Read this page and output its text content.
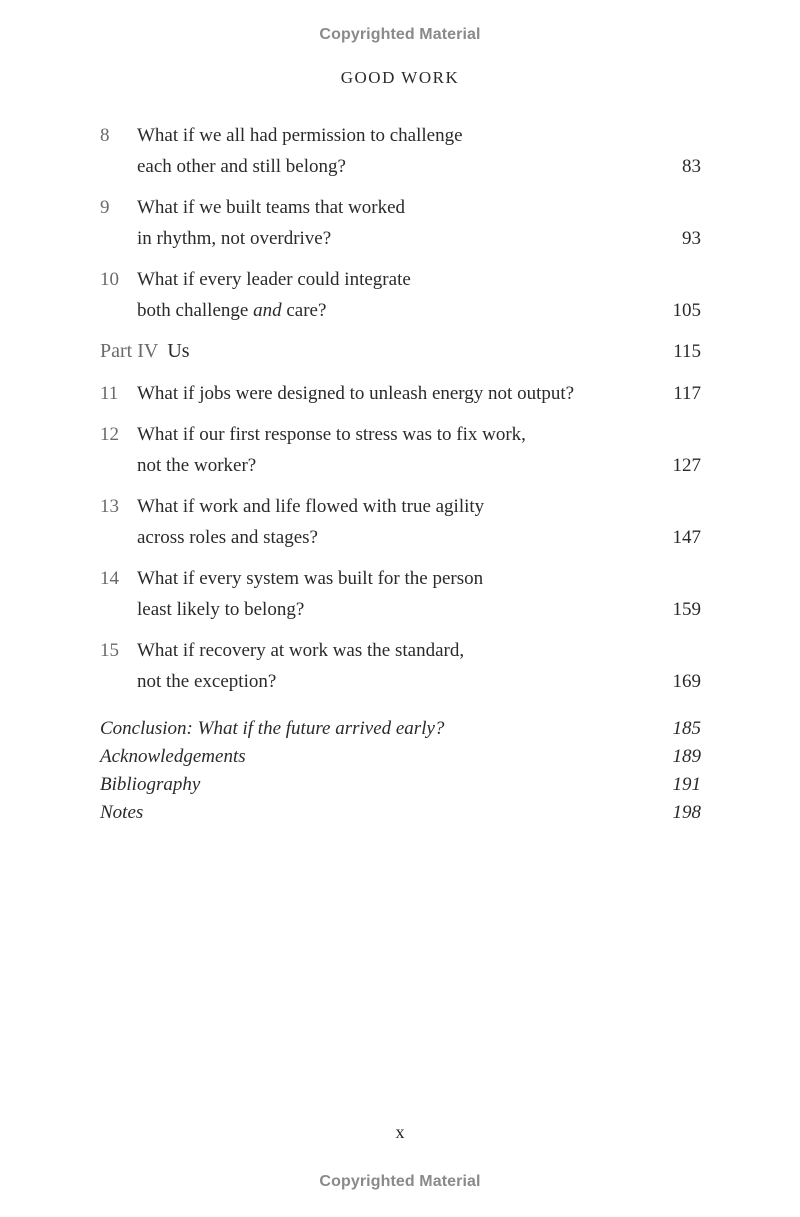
Copyrighted Material
GOOD WORK
8 What if we all had permission to challenge
each other and still belong?	83
9 What if we built teams that worked
in rhythm, not overdrive?	93
10 What if every leader could integrate
both challenge and care?	105
Part IV Us	115
11 What if jobs were designed to unleash energy not output?	117
12 What if our first response to stress was to fix work,
not the worker?	127
13 What if work and life flowed with true agility
across roles and stages?	147
14 What if every system was built for the person
least likely to belong?	159
15 What if recovery at work was the standard,
not the exception?	169
Conclusion: What if the future arrived early?	185
Acknowledgements	189
Bibliography	191
Notes	198
x
Copyrighted Material
